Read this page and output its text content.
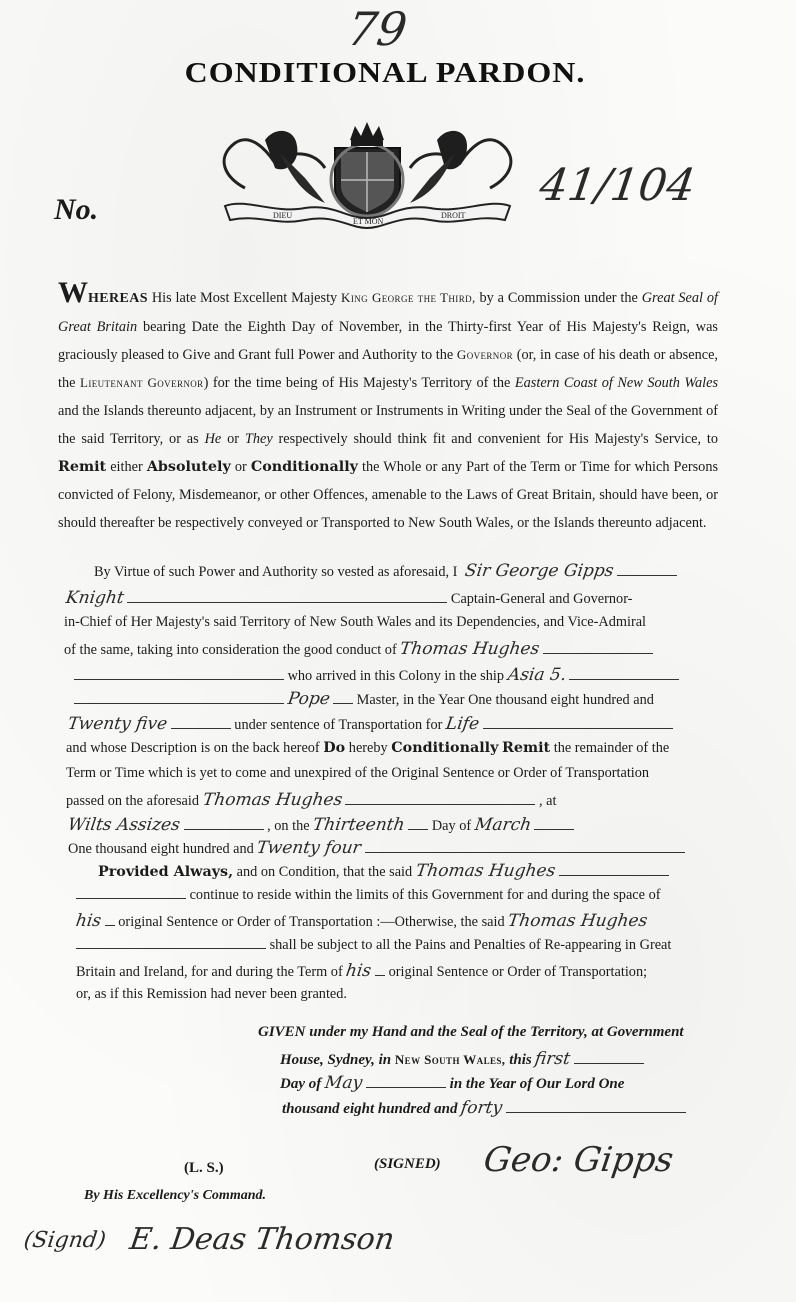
79
CONDITIONAL PARDON.
No.	41/104
DIEU
ET MON
DROIT
WHEREAS His late Most Excellent Majesty King George the Third, by a Commission under the Great Seal of Great Britain bearing Date the Eighth Day of November, in the Thirty-first Year of His Majesty's Reign, was graciously pleased to Give and Grant full Power and Authority to the Governor (or, in case of his death or absence, the Lieutenant Governor) for the time being of His Majesty's Territory of the Eastern Coast of New South Wales and the Islands thereunto adjacent, by an Instrument or Instruments in Writing under the Seal of the Government of the said Territory, or as He or They respectively should think fit and convenient for His Majesty's Service, to Remit either Absolutely or Conditionally the Whole or any Part of the Term or Time for which Persons convicted of Felony, Misdemeanor, or other Offences, amenable to the Laws of Great Britain, should have been, or should thereafter be respectively conveyed or Transported to New South Wales, or the Islands thereunto adjacent.
By Virtue of such Power and Authority so vested as aforesaid, I Sir George Gipps
Knight	Captain-General and Governor-
in-Chief of Her Majesty's said Territory of New South Wales and its Dependencies, and Vice-Admiral
of the same, taking into consideration the good conduct of Thomas Hughes
who arrived in this Colony in the ship Asia 5.
Pope Master, in the Year One thousand eight hundred and
Twenty five	under sentence of Transportation for Life
and whose Description is on the back hereof Do hereby Conditionally Remit the remainder of the
Term or Time which is yet to come and unexpired of the Original Sentence or Order of Transportation
passed on the aforesaid Thomas Hughes	, at
Wilts Assizes	, on the Thirteenth Day of March
One thousand eight hundred and Twenty four
Provided Always, and on Condition, that the said Thomas Hughes
continue to reside within the limits of this Government for and during the space of
his original Sentence or Order of Transportation :—Otherwise, the said Thomas Hughes
shall be subject to all the Pains and Penalties of Re-appearing in Great
Britain and Ireland, for and during the Term of his original Sentence or Order of Transportation;
or, as if this Remission had never been granted.
GIVEN under my Hand and the Seal of the Territory, at Government
House, Sydney, in New South Wales, this first
Day of May	in the Year of Our Lord One
thousand eight hundred and forty
(L. S.)	(SIGNED) Geo: Gipps
By His Excellency's Command.
(Signd) E. Deas Thomson
